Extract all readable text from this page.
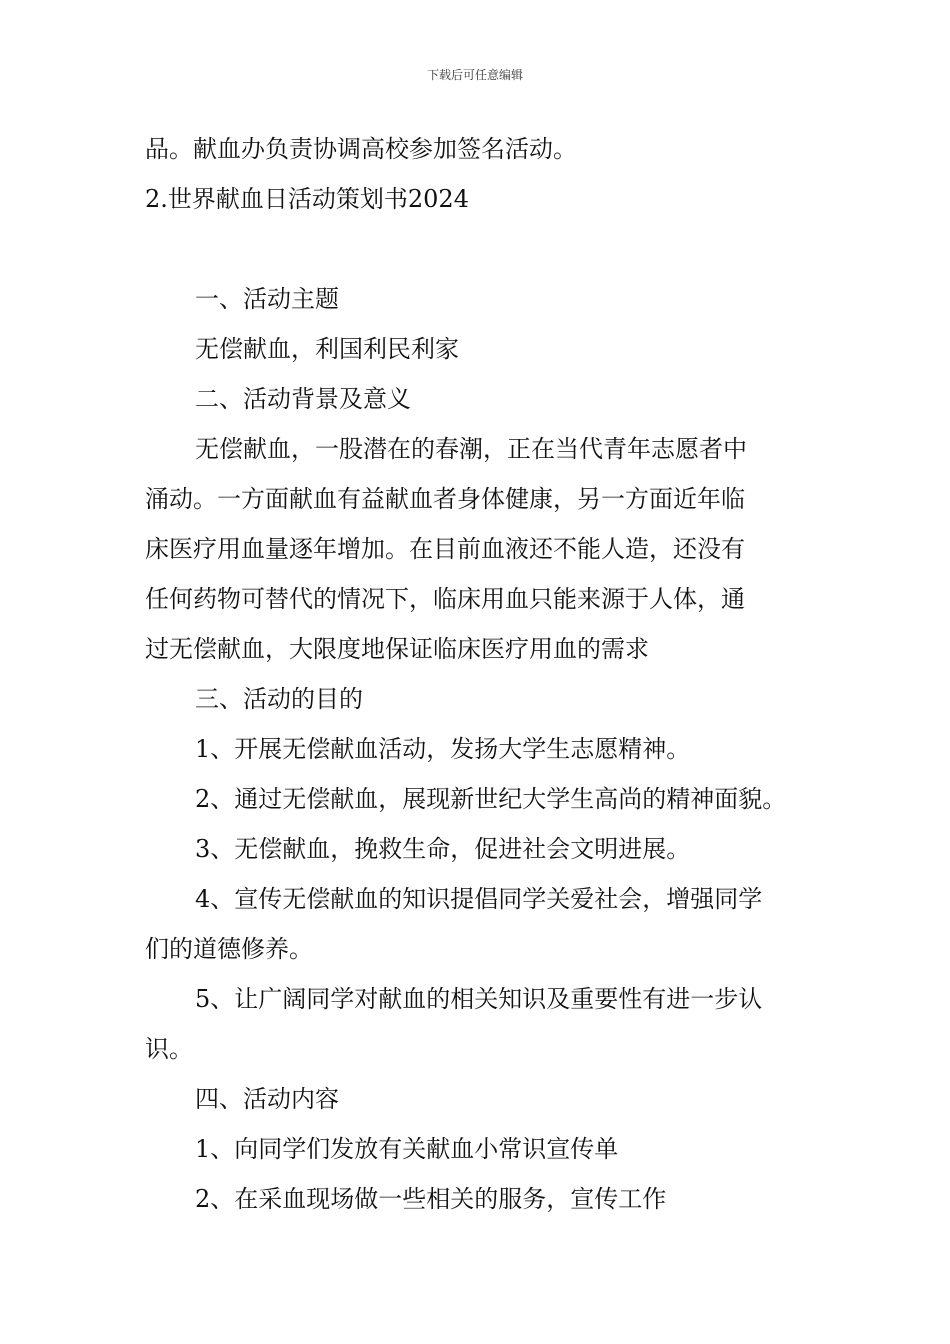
下载后可任意编辑
品。献血办负责协调高校参加签名活动。
2.世界献血日活动策划书2024
一、活动主题
无偿献血，利国利民利家
二、活动背景及意义
无偿献血，一股潜在的春潮，正在当代青年志愿者中
涌动。一方面献血有益献血者身体健康，另一方面近年临
床医疗用血量逐年增加。在目前血液还不能人造，还没有
任何药物可替代的情况下，临床用血只能来源于人体，通
过无偿献血，大限度地保证临床医疗用血的需求
三、活动的目的
1、开展无偿献血活动，发扬大学生志愿精神。
2、通过无偿献血，展现新世纪大学生高尚的精神面貌。
3、无偿献血，挽救生命，促进社会文明进展。
4、宣传无偿献血的知识提倡同学关爱社会，增强同学
们的道德修养。
5、让广阔同学对献血的相关知识及重要性有进一步认
识。
四、活动内容
1、向同学们发放有关献血小常识宣传单
2、在采血现场做一些相关的服务，宣传工作
